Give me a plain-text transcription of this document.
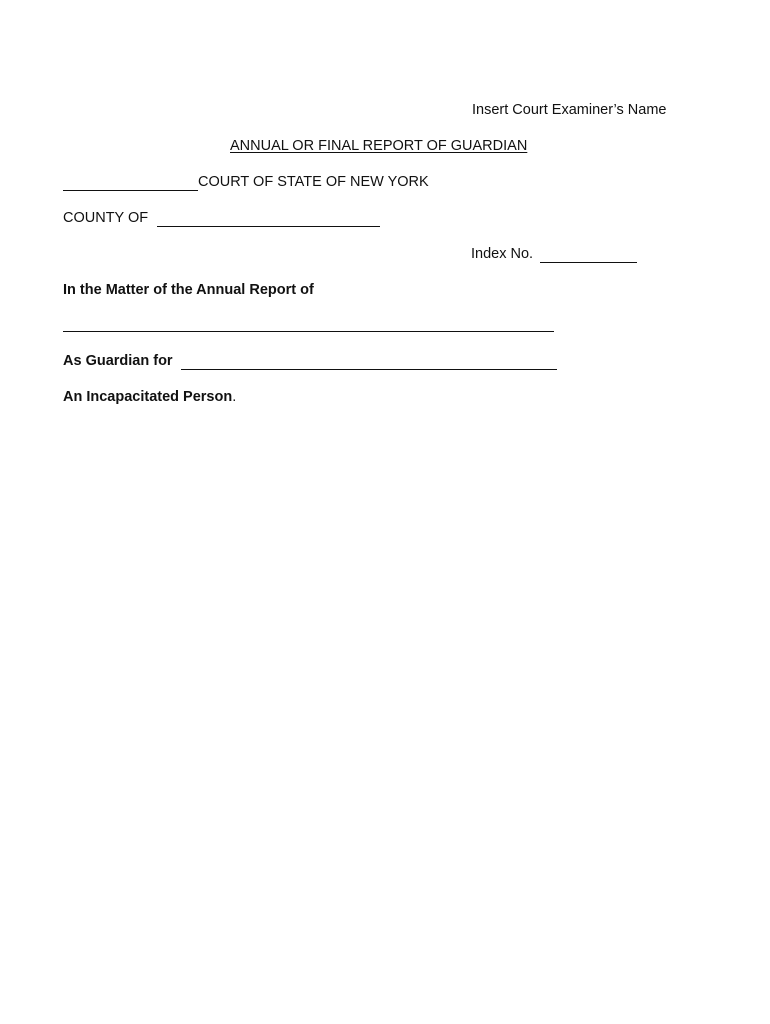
Insert Court Examiner’s Name
ANNUAL OR FINAL REPORT OF GUARDIAN
COURT OF STATE OF NEW YORK
COUNTY OF
Index No.
In the Matter of the Annual Report of
As Guardian for
An Incapacitated Person.
